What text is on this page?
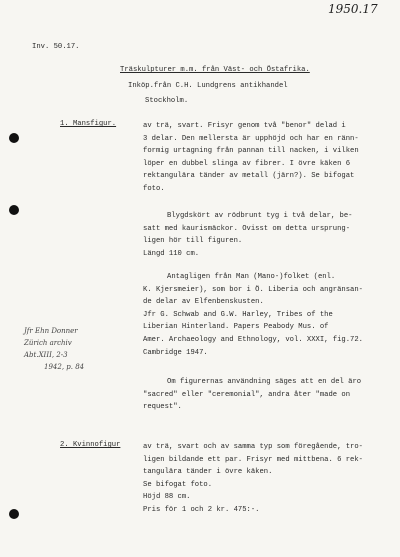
1950.17
Inv. 50.17.
Träskulpturer m.m. från Väst- och Östafrika.
Inköp.från C.H. Lundgrens antikhandel
Stockholm.
1. Mansfigur.	av trä, svart. Frisyr genom två "benor" delad i
3 delar. Den mellersta är upphöjd och har en ränn-
formig urtagning från pannan till nacken, i vilken
löper en dubbel slinga av fibrer. I övre käken 6
rektangulära tänder av metall (järn?). Se bifogat
foto.
Blygdskört av rödbrunt tyg i två delar, be-
satt med kaurismäckor. Ovisst om detta ursprung-
ligen hör till figuren.
Längd 110 cm.
Antagligen från Man (Mano-)folket (enl.
K. Kjersmeier), som bor i Ö. Liberia och angränsan-
de delar av Elfenbenskusten.
Jfr G. Schwab and G.W. Harley, Tribes of the
Liberian Hinterland. Papers Peabody Mus. of
Amer. Archaeology and Ethnology, vol. XXXI, fig.72.
Cambridge 1947.
Om figurernas användning säges att en del äro
"sacred" eller "ceremonial", andra åter "made on
request".
Jfr Ehn Donner
Zürich archiv
Abt.XIII, 2-3
1942, p. 84
2. Kvinnofigur	av trä, svart och av samma typ som föregående, tro-
ligen bildande ett par. Frisyr med mittbena. 6 rek-
tangulära tänder i övre käken.
Se bifogat foto.
Höjd 88 cm.
Pris för 1 och 2 kr. 475:-.
